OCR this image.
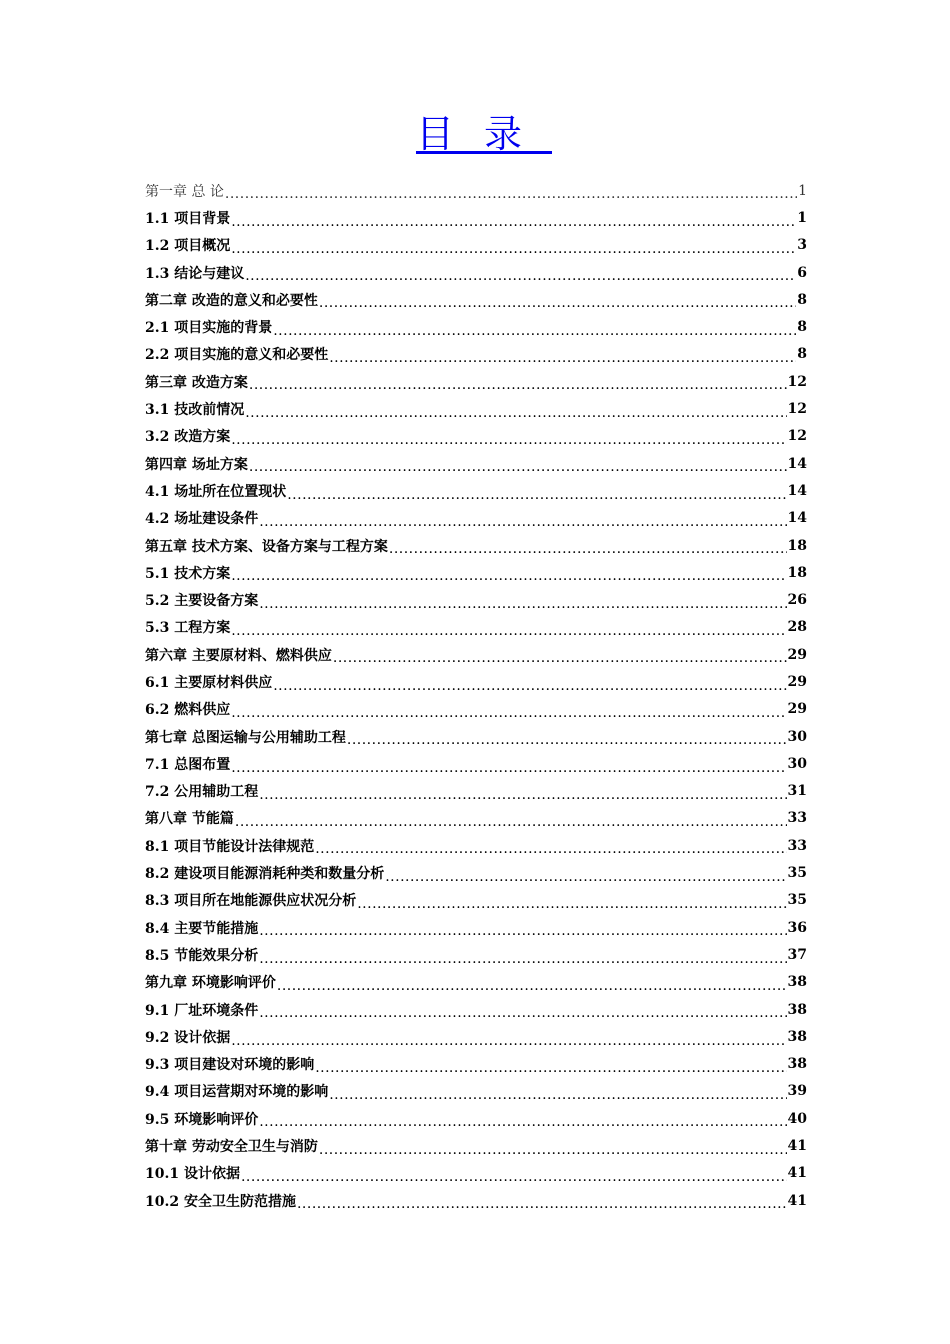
目录
第一章 总 论 .....	1
1.1 项目背景 .....	1
1.2 项目概况 .....	3
1.3 结论与建议 .....	6
第二章 改造的意义和必要性 .....	8
2.1 项目实施的背景 .....	8
2.2 项目实施的意义和必要性 .....	8
第三章 改造方案 .....	12
3.1 技改前情况 .....	12
3.2 改造方案 .....	12
第四章 场址方案 .....	14
4.1 场址所在位置现状 .....	14
4.2 场址建设条件 .....	14
第五章 技术方案、设备方案与工程方案 .....	18
5.1 技术方案 .....	18
5.2 主要设备方案 .....	26
5.3 工程方案 .....	28
第六章 主要原材料、燃料供应 .....	29
6.1 主要原材料供应 .....	29
6.2 燃料供应 .....	29
第七章 总图运输与公用辅助工程 .....	30
7.1 总图布置 .....	30
7.2 公用辅助工程 .....	31
第八章 节能篇 .....	33
8.1 项目节能设计法律规范 .....	33
8.2 建设项目能源消耗种类和数量分析 .....	35
8.3 项目所在地能源供应状况分析 .....	35
8.4 主要节能措施 .....	36
8.5 节能效果分析 .....	37
第九章 环境影响评价 .....	38
9.1 厂址环境条件 .....	38
9.2 设计依据 .....	38
9.3 项目建设对环境的影响 .....	38
9.4 项目运营期对环境的影响 .....	39
9.5 环境影响评价 .....	40
第十章 劳动安全卫生与消防 .....	41
10.1 设计依据 .....	41
10.2 安全卫生防范措施 .....	41
